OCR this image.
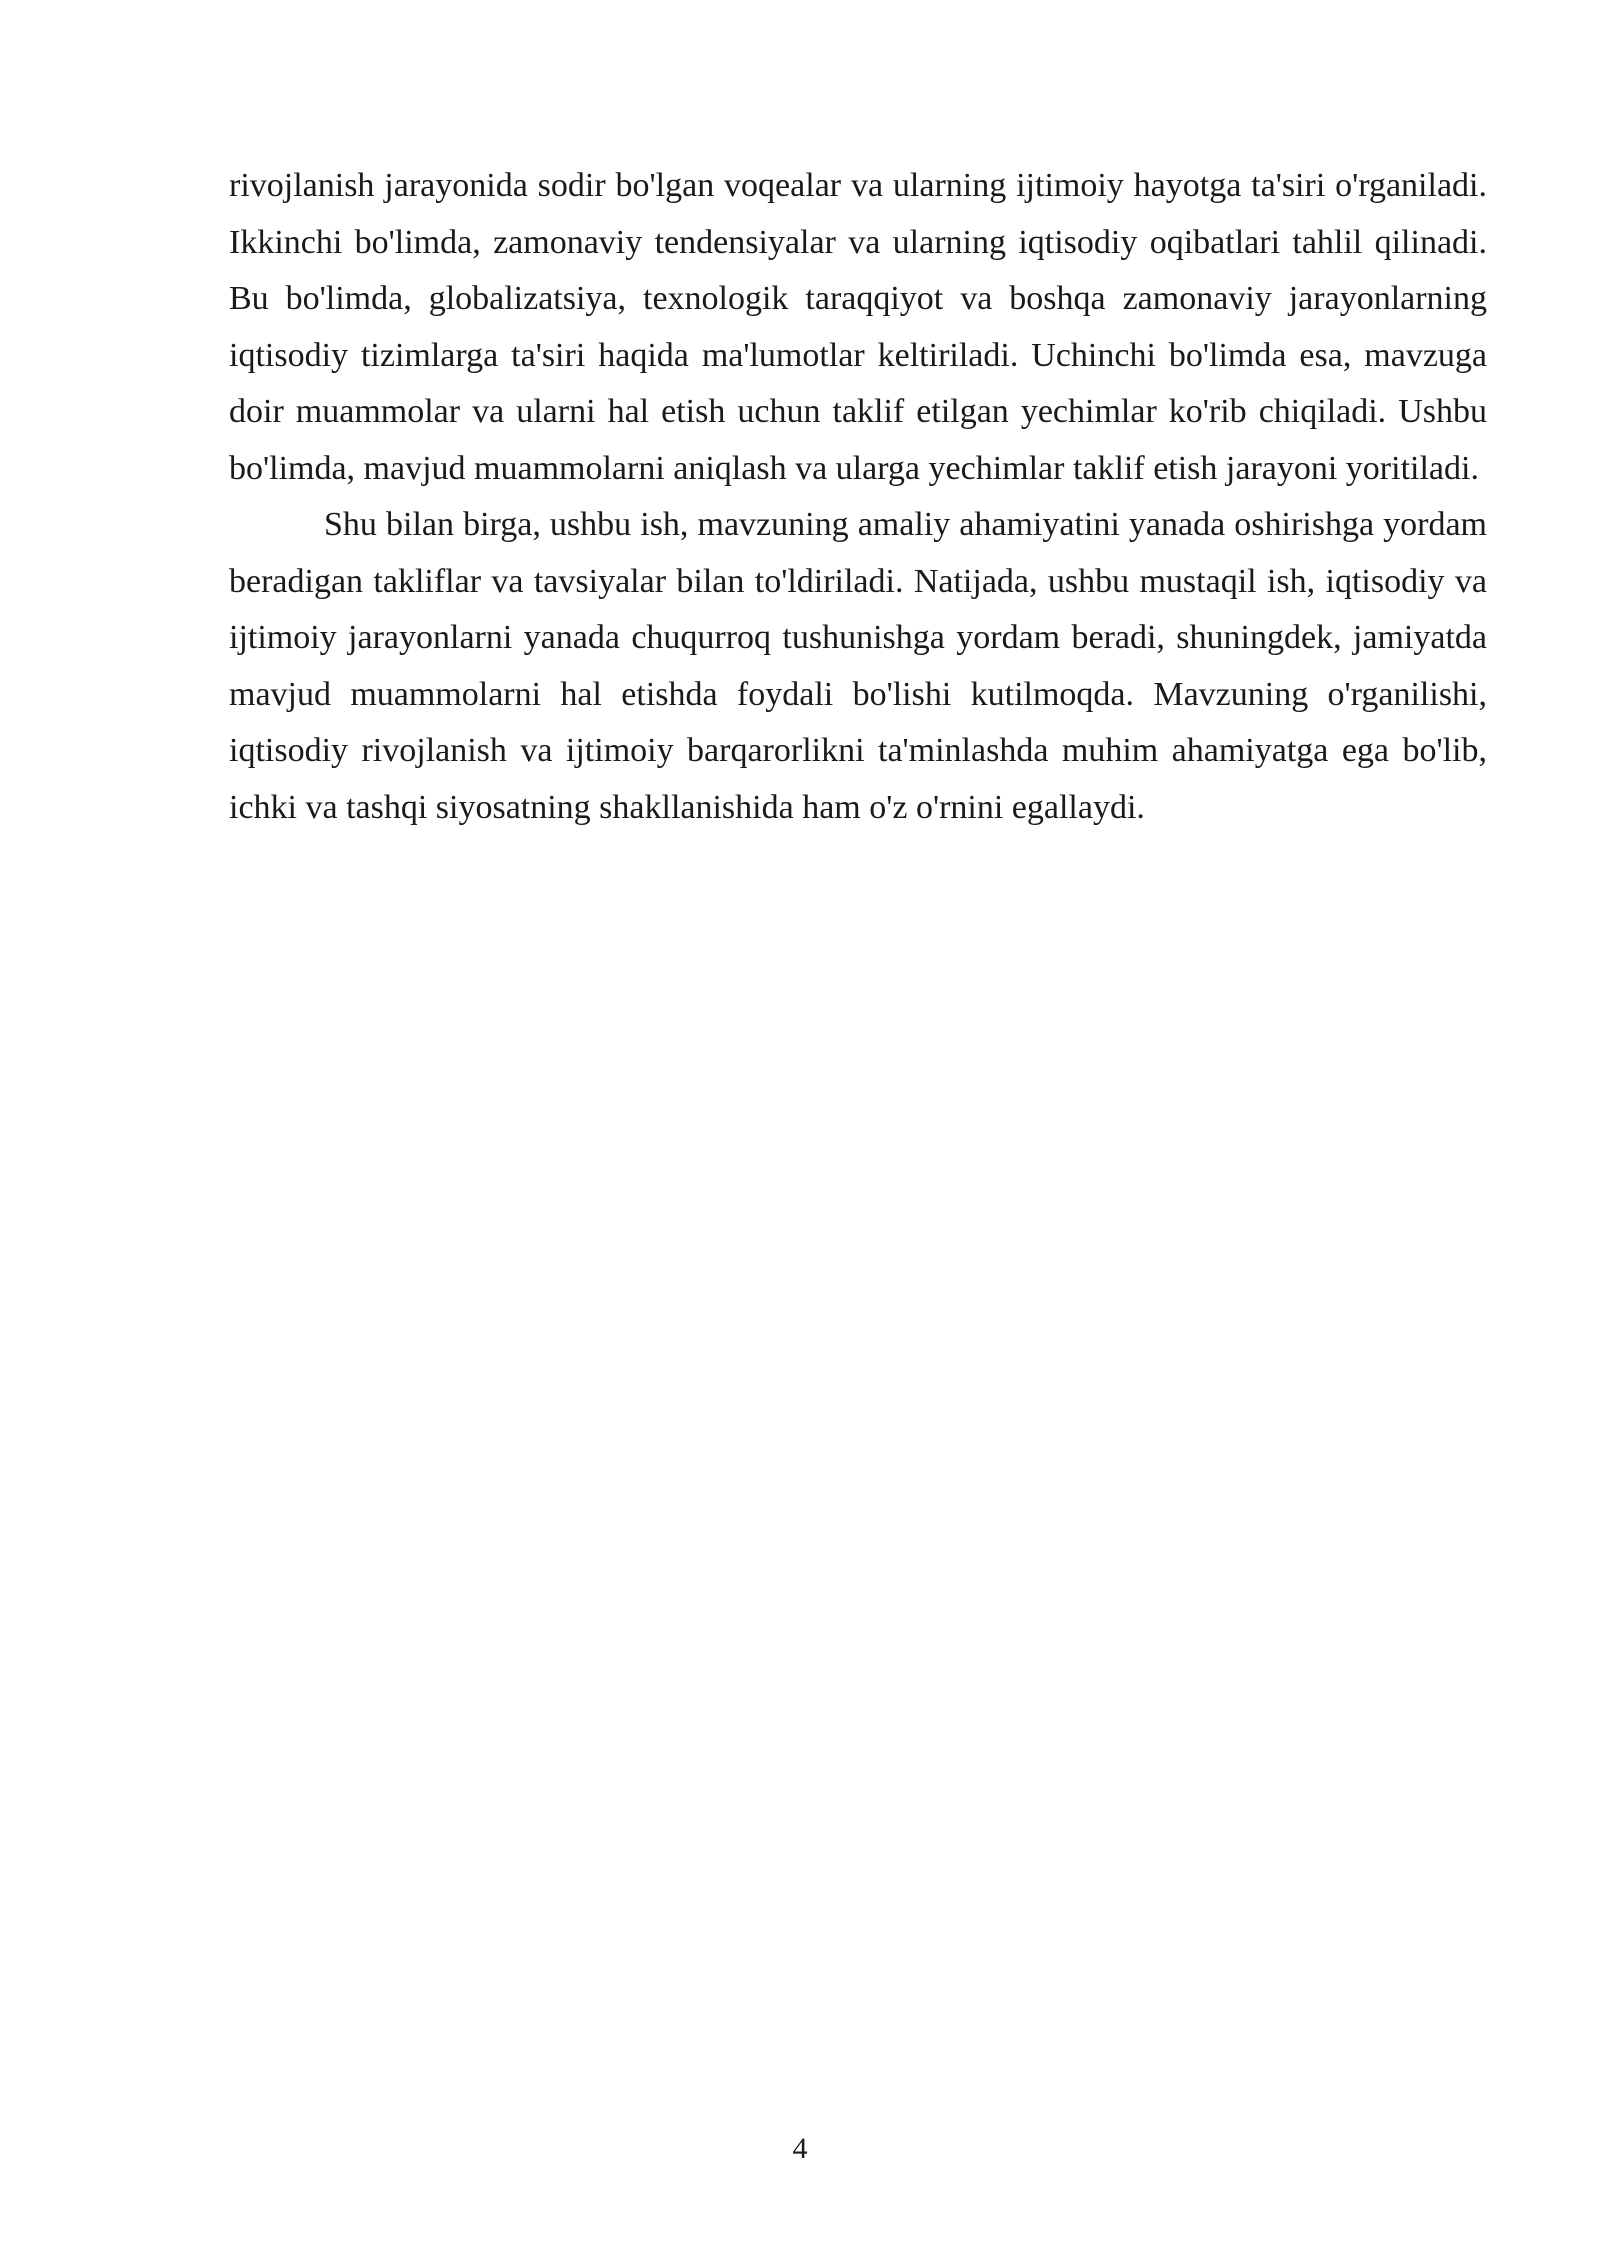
rivojlanish jarayonida sodir bo'lgan voqealar va ularning ijtimoiy hayotga ta'siri o'rganiladi. Ikkinchi bo'limda, zamonaviy tendensiyalar va ularning iqtisodiy oqibatlari tahlil qilinadi. Bu bo'limda, globalizatsiya, texnologik taraqqiyot va boshqa zamonaviy jarayonlarning iqtisodiy tizimlarga ta'siri haqida ma'lumotlar keltiriladi. Uchinchi bo'limda esa, mavzuga doir muammolar va ularni hal etish uchun taklif etilgan yechimlar ko'rib chiqiladi. Ushbu bo'limda, mavjud muammolarni aniqlash va ularga yechimlar taklif etish jarayoni yoritiladi.

Shu bilan birga, ushbu ish, mavzuning amaliy ahamiyatini yanada oshirishga yordam beradigan takliflar va tavsiyalar bilan to'ldiriladi. Natijada, ushbu mustaqil ish, iqtisodiy va ijtimoiy jarayonlarni yanada chuqurroq tushunishga yordam beradi, shuningdek, jamiyatda mavjud muammolarni hal etishda foydali bo'lishi kutilmoqda. Mavzuning o'rganilishi, iqtisodiy rivojlanish va ijtimoiy barqarorlikni ta'minlashda muhim ahamiyatga ega bo'lib, ichki va tashqi siyosatning shakllanishida ham o'z o'rnini egallaydi.

4
